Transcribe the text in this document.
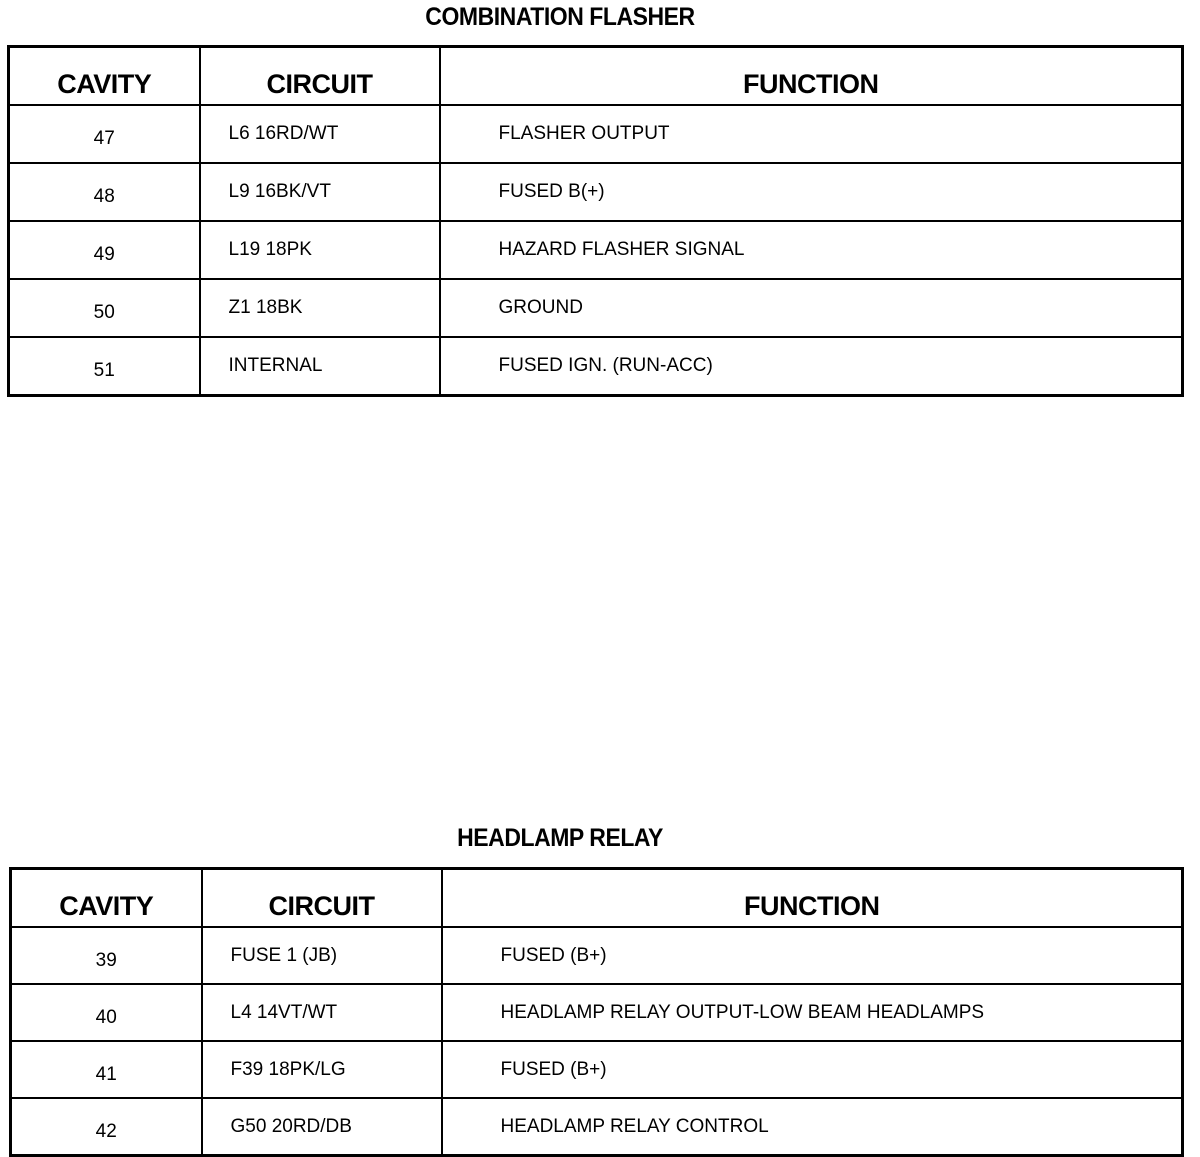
COMBINATION FLASHER
CAVITY	CIRCUIT	FUNCTION
47	L6 16RD/WT	FLASHER OUTPUT
48	L9 16BK/VT	FUSED B(+)
49	L19 18PK	HAZARD FLASHER SIGNAL
50	Z1 18BK	GROUND
51	INTERNAL	FUSED IGN. (RUN-ACC)
HEADLAMP RELAY
CAVITY	CIRCUIT	FUNCTION
39	FUSE 1 (JB)	FUSED (B+)
40	L4 14VT/WT	HEADLAMP RELAY OUTPUT-LOW BEAM HEADLAMPS
41	F39 18PK/LG	FUSED (B+)
42	G50 20RD/DB	HEADLAMP RELAY CONTROL
